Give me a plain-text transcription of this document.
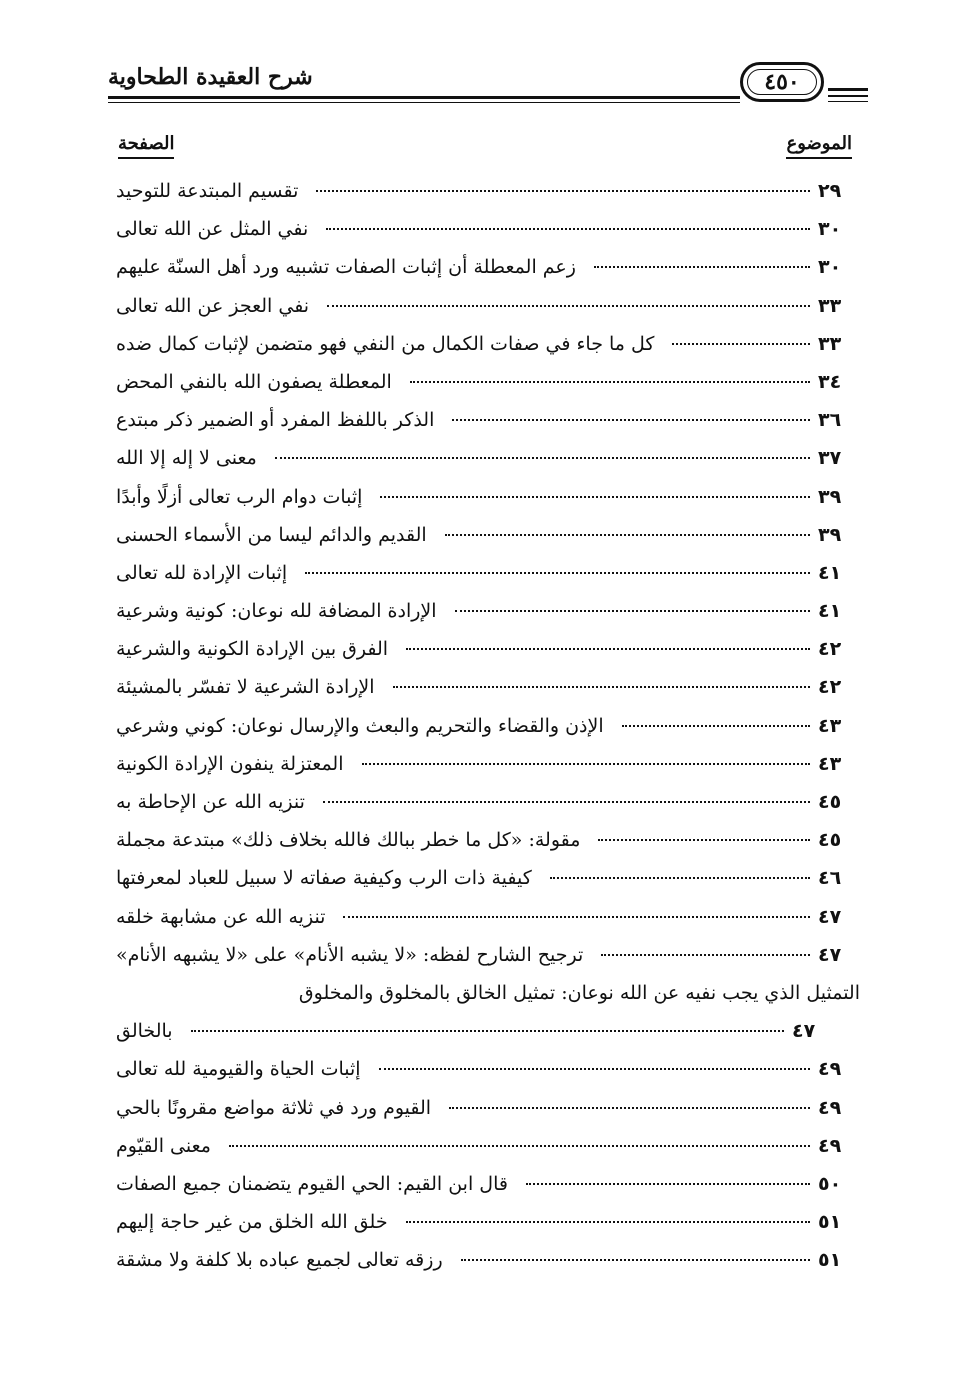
شرح العقيدة الطحاوية	٤٥٠
الموضوع
الصفحة
تقسيم المبتدعة للتوحيد	٢٩
نفي المثل عن الله تعالى	٣٠
زعم المعطلة أن إثبات الصفات تشبيه ورد أهل السنّة عليهم	٣٠
نفي العجز عن الله تعالى	٣٣
كل ما جاء في صفات الكمال من النفي فهو متضمن لإثبات كمال ضده	٣٣
المعطلة يصفون الله بالنفي المحض	٣٤
الذكر باللفظ المفرد أو الضمير ذكر مبتدع	٣٦
معنى لا إله إلا الله	٣٧
إثبات دوام الرب تعالى أزلًا وأبدًا	٣٩
القديم والدائم ليسا من الأسماء الحسنى	٣٩
إثبات الإرادة لله تعالى	٤١
الإرادة المضافة لله نوعان: كونية وشرعية	٤١
الفرق بين الإرادة الكونية والشرعية	٤٢
الإرادة الشرعية لا تفسّر بالمشيئة	٤٢
الإذن والقضاء والتحريم والبعث والإرسال نوعان: كوني وشرعي	٤٣
المعتزلة ينفون الإرادة الكونية	٤٣
تنزيه الله عن الإحاطة به	٤٥
مقولة: «كل ما خطر ببالك فالله بخلاف ذلك» مبتدعة مجملة	٤٥
كيفية ذات الرب وكيفية صفاته لا سبيل للعباد لمعرفتها	٤٦
تنزيه الله عن مشابهة خلقه	٤٧
ترجيح الشارح لفظه: «لا يشبه الأنام» على «لا يشبهه الأنام»	٤٧
التمثيل الذي يجب نفيه عن الله نوعان: تمثيل الخالق بالمخلوق والمخلوق
بالخالق	٤٧
إثبات الحياة والقيومية لله تعالى	٤٩
القيوم ورد في ثلاثة مواضع مقرونًا بالحي	٤٩
معنى القيّوم	٤٩
قال ابن القيم: الحي القيوم يتضمنان جميع الصفات	٥٠
خلق الله الخلق من غير حاجة إليهم	٥١
رزقه تعالى لجميع عباده بلا كلفة ولا مشقة	٥١
